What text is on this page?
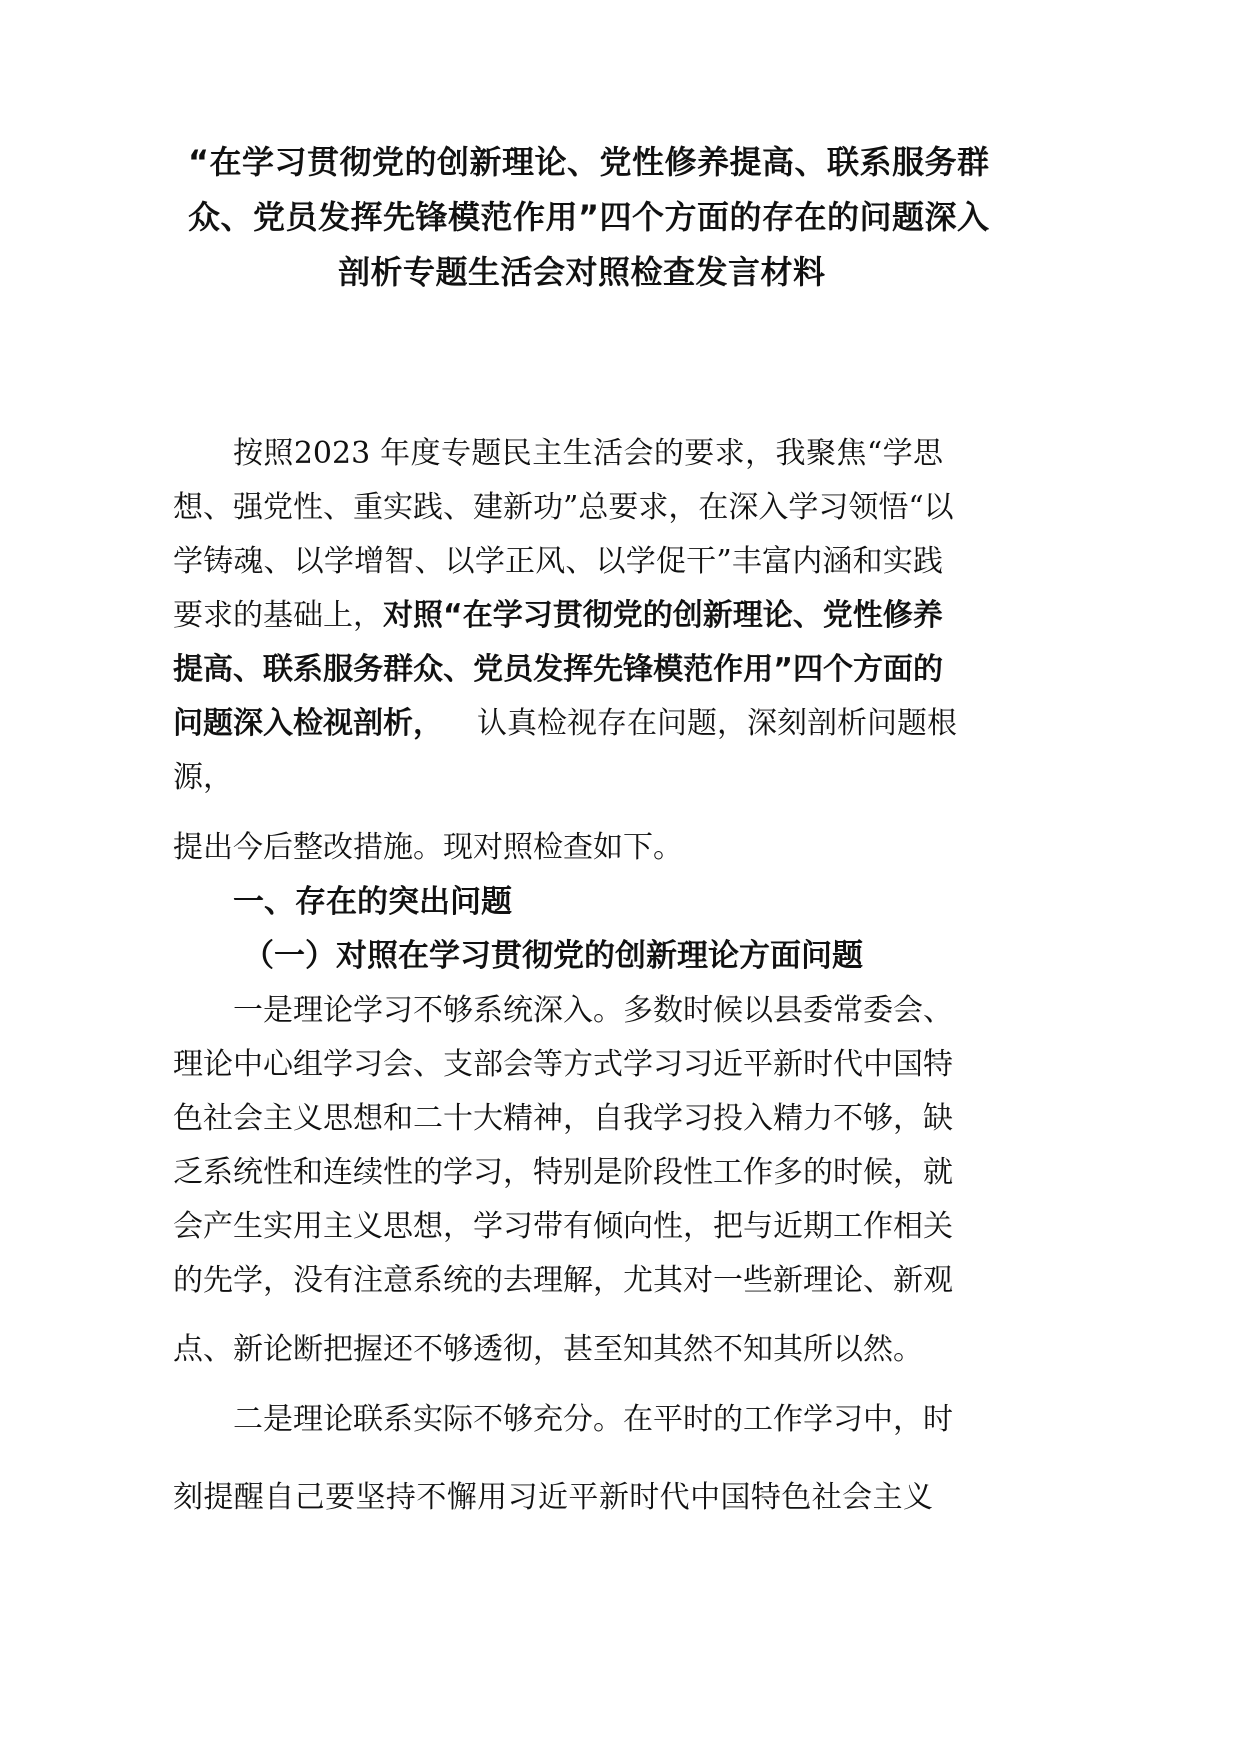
“在学习贯彻党的创新理论、党性修养提高、联系服务群
众、党员发挥先锋模范作用”四个方面的存在的问题深入
剖析专题生活会对照检查发言材料
按照2023 年度专题民主生活会的要求，我聚焦“学思
想、强党性、重实践、建新功”总要求，在深入学习领悟“以
学铸魂、以学增智、以学正风、以学促干”丰富内涵和实践
要求的基础上，对照“在学习贯彻党的创新理论、党性修养
提高、联系服务群众、党员发挥先锋模范作用”四个方面的
问题深入检视剖析， 认真检视存在问题，深刻剖析问题根
源，
提出今后整改措施。现对照检查如下。
一、存在的突出问题
（一）对照在学习贯彻党的创新理论方面问题
一是理论学习不够系统深入。多数时候以县委常委会、
理论中心组学习会、支部会等方式学习习近平新时代中国特
色社会主义思想和二十大精神，自我学习投入精力不够，缺
乏系统性和连续性的学习，特别是阶段性工作多的时候，就
会产生实用主义思想，学习带有倾向性，把与近期工作相关
的先学，没有注意系统的去理解，尤其对一些新理论、新观
点、新论断把握还不够透彻，甚至知其然不知其所以然。
二是理论联系实际不够充分。在平时的工作学习中，时
刻提醒自己要坚持不懈用习近平新时代中国特色社会主义
